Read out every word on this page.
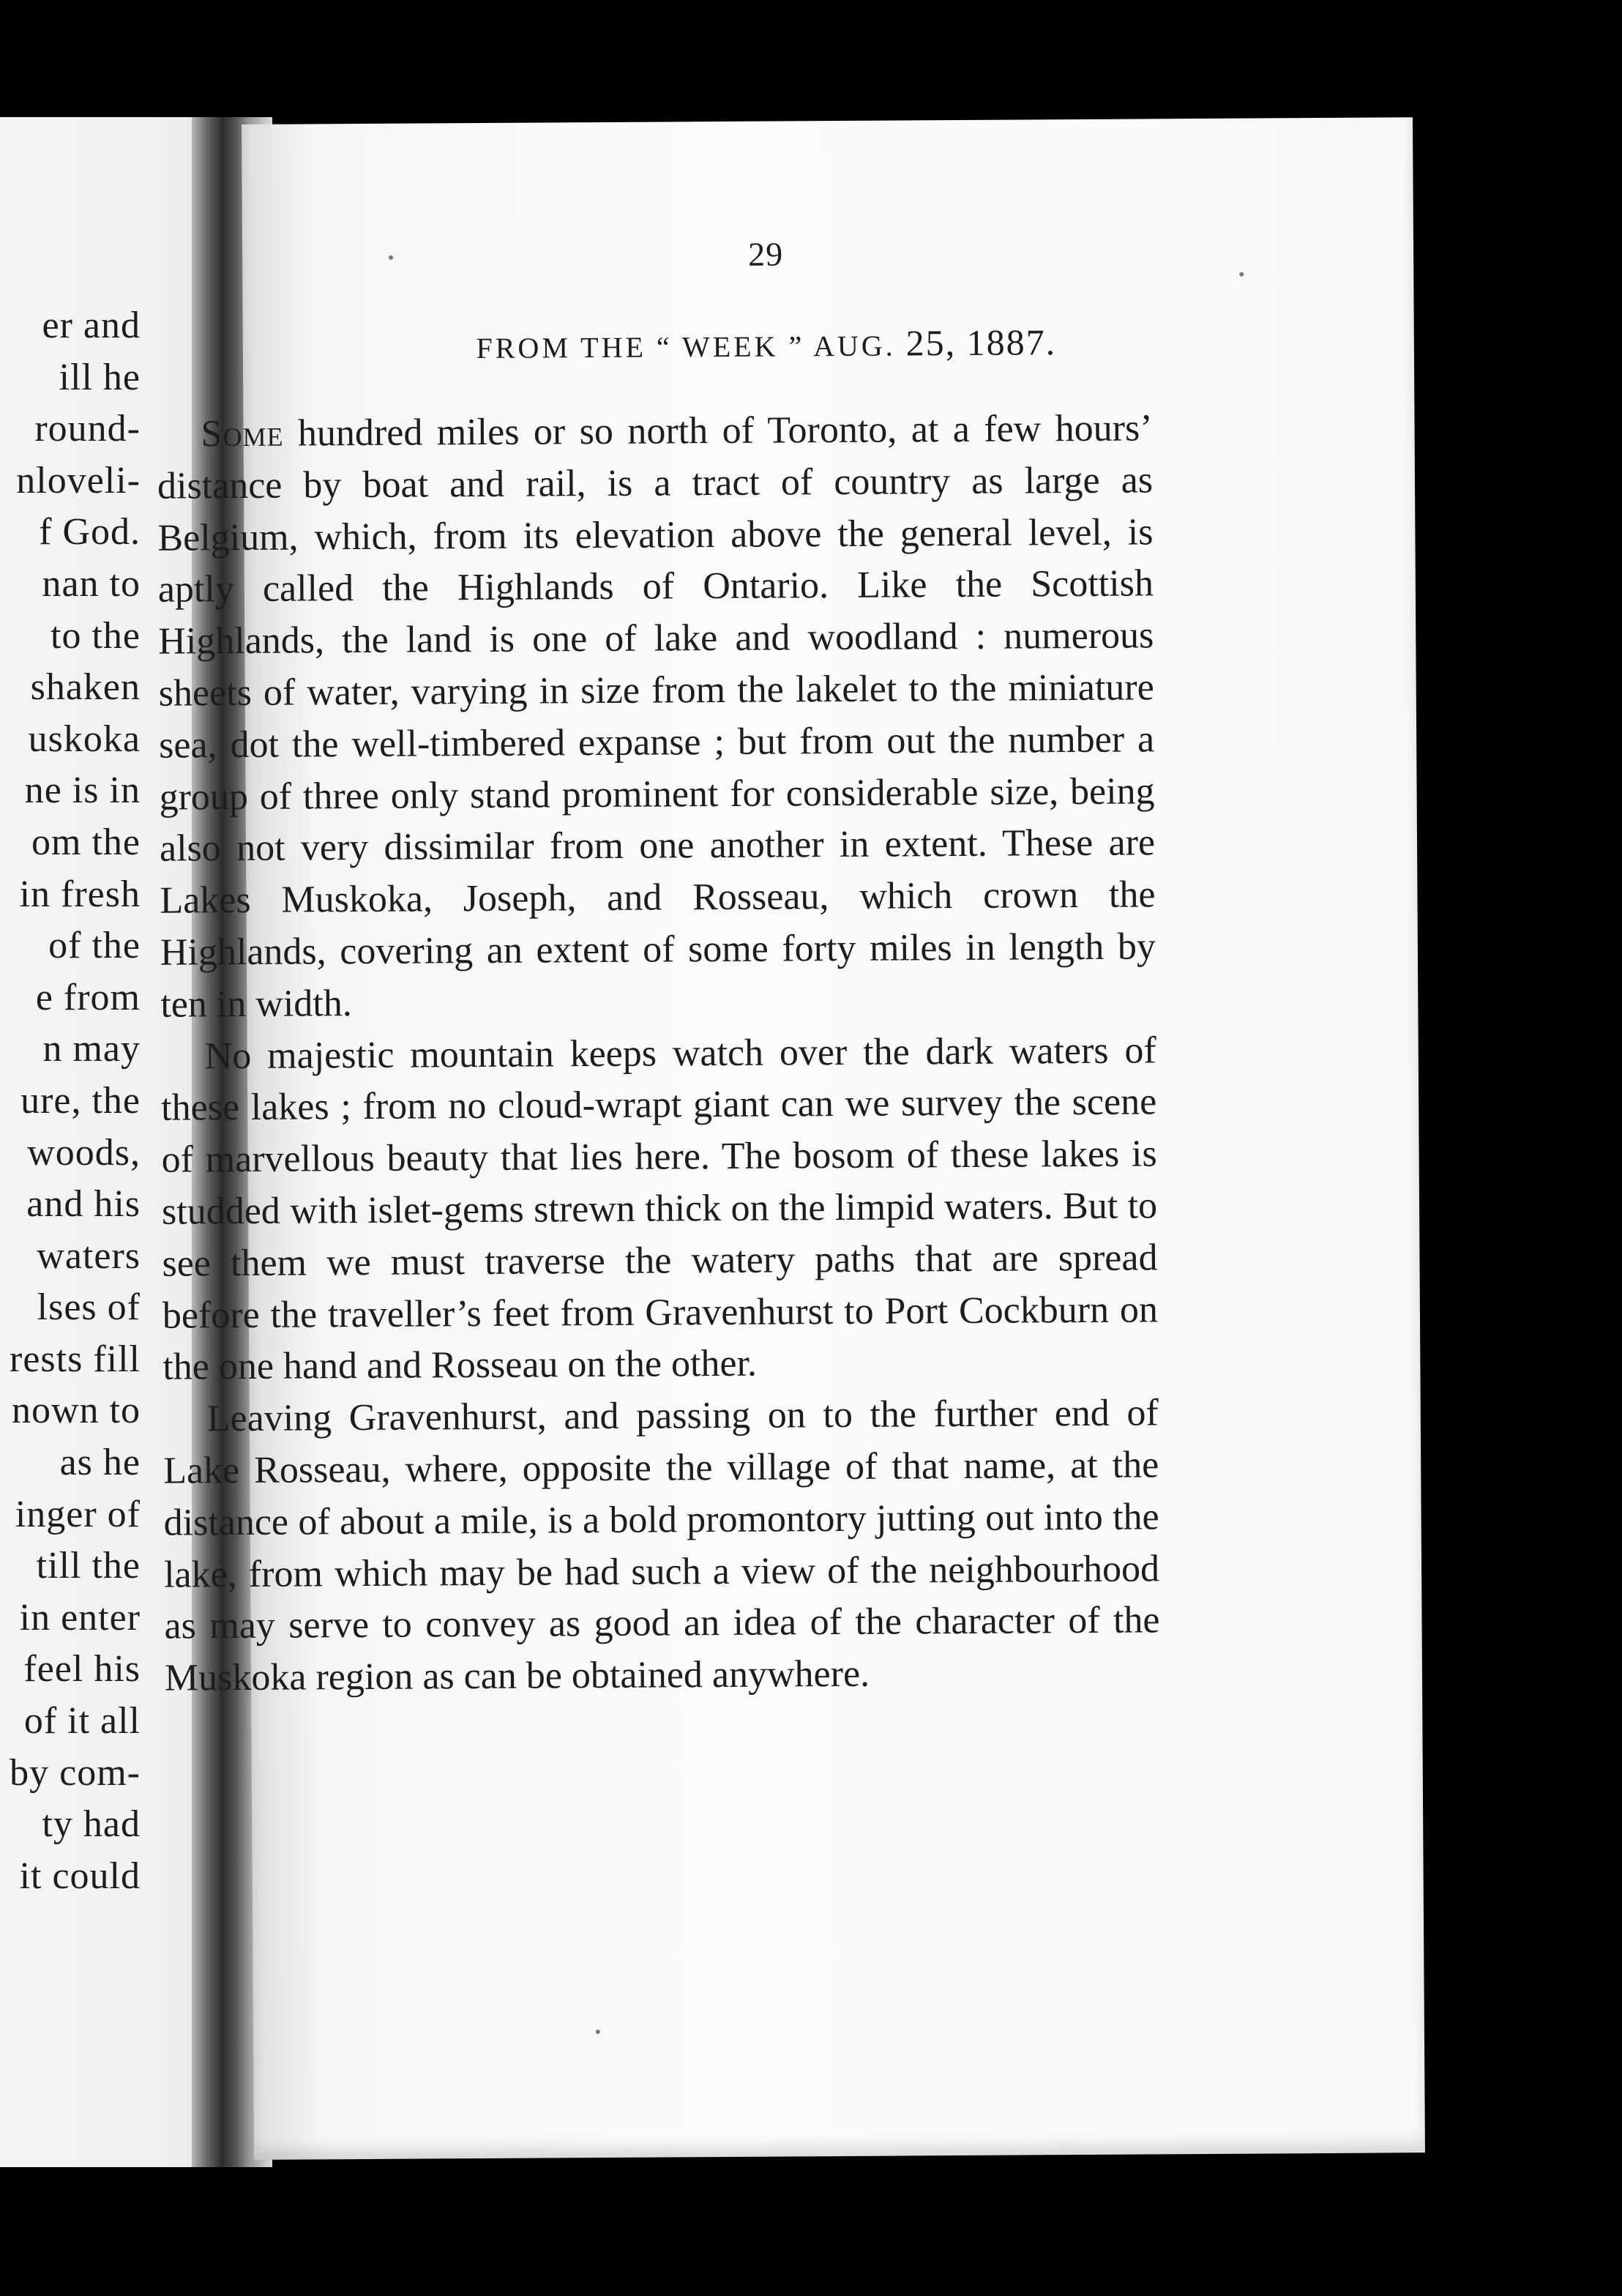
er and
ill he
round-
nloveli-
f God.
nan to
to the
shaken
uskoka
ne is in
om the
in fresh
of the
e from
n may
ure, the
woods,
and his
waters
lses of
rests fill
nown to
as he
inger of
till the
in enter
feel his
of it all
by com-
ty had
it could
29
FROM THE “ WEEK ” AUG. 25, 1887.

Some hundred miles or so north of Toronto, at a few hours’ distance by boat and rail, is a tract of country as large as Belgium, which, from its elevation above the general level, is aptly called the Highlands of Ontario. Like the Scottish Highlands, the land is one of lake and woodland : numerous sheets of water, varying in size from the lakelet to the miniature sea, dot the well-timbered expanse ; but from out the number a group of three only stand prominent for considerable size, being also not very dissimilar from one another in extent. These are Lakes Muskoka, Joseph, and Rosseau, which crown the Highlands, covering an extent of some forty miles in length by ten in width.

No majestic mountain keeps watch over the dark waters of these lakes ; from no cloud-wrapt giant can we survey the scene of marvellous beauty that lies here. The bosom of these lakes is studded with islet-gems strewn thick on the limpid waters. But to see them we must traverse the watery paths that are spread before the traveller’s feet from Gravenhurst to Port Cockburn on the one hand and Rosseau on the other.

Leaving Gravenhurst, and passing on to the further end of Lake Rosseau, where, opposite the village of that name, at the distance of about a mile, is a bold promontory jutting out into the lake, from which may be had such a view of the neighbourhood as may serve to convey as good an idea of the character of the Muskoka region as can be obtained anywhere.
